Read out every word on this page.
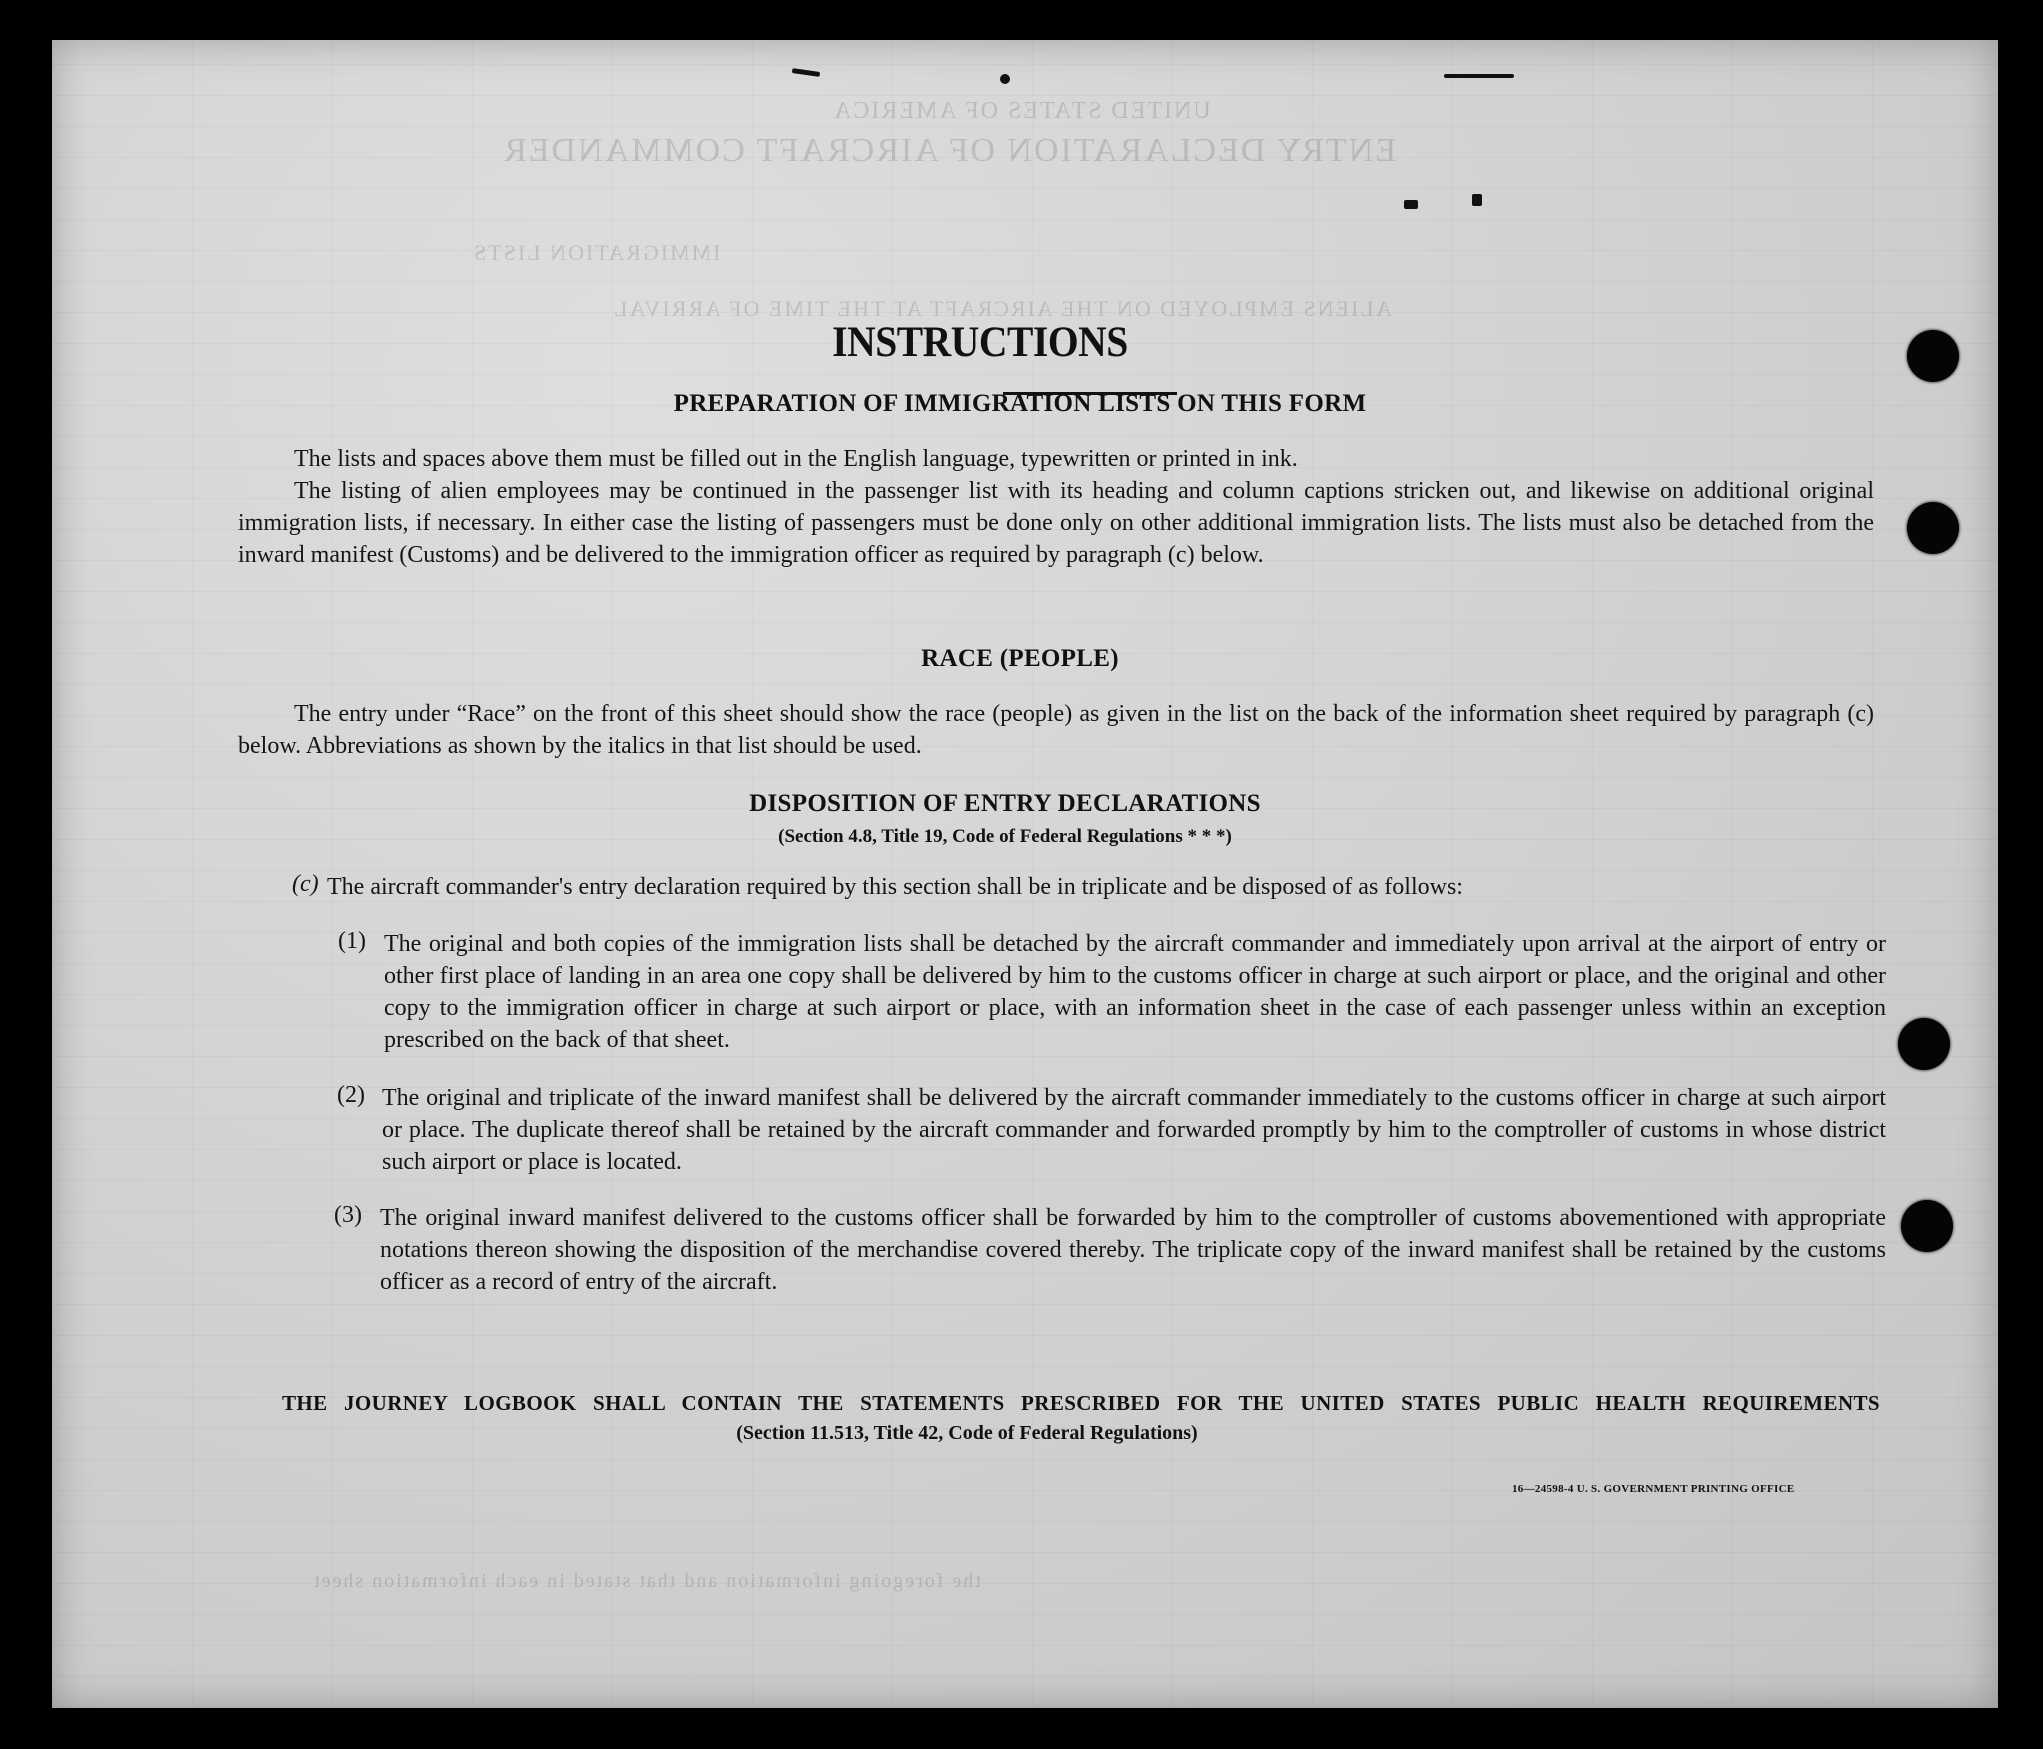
UNITED STATES OF AMERICA
ENTRY DECLARATION OF AIRCRAFT COMMANDER
IMMIGRATION LISTS
ALIENS EMPLOYED ON THE AIRCRAFT AT THE TIME OF ARRIVAL
the foregoing information and that stated in each information sheet
INSTRUCTIONS
PREPARATION OF IMMIGRATION LISTS ON THIS FORM
The lists and spaces above them must be filled out in the English language, typewritten or printed in ink.
The listing of alien employees may be continued in the passenger list with its heading and column captions stricken out, and likewise on additional original immigration lists, if necessary. In either case the listing of passengers must be done only on other additional immigration lists. The lists must also be detached from the inward manifest (Customs) and be delivered to the immigration officer as required by paragraph (c) below.
RACE (PEOPLE)
The entry under “Race” on the front of this sheet should show the race (people) as given in the list on the back of the information sheet required by paragraph (c) below. Abbreviations as shown by the italics in that list should be used.
DISPOSITION OF ENTRY DECLARATIONS
(Section 4.8, Title 19, Code of Federal Regulations * * *)
(c) The aircraft commander's entry declaration required by this section shall be in triplicate and be disposed of as follows:
(1) The original and both copies of the immigration lists shall be detached by the aircraft commander and immediately upon arrival at the airport of entry or other first place of landing in an area one copy shall be delivered by him to the customs officer in charge at such airport or place, and the original and other copy to the immigration officer in charge at such airport or place, with an information sheet in the case of each passenger unless within an exception prescribed on the back of that sheet.
(2) The original and triplicate of the inward manifest shall be delivered by the aircraft commander immediately to the customs officer in charge at such airport or place. The duplicate thereof shall be retained by the aircraft commander and forwarded promptly by him to the comptroller of customs in whose district such airport or place is located.
(3) The original inward manifest delivered to the customs officer shall be forwarded by him to the comptroller of customs abovementioned with appropriate notations thereon showing the disposition of the merchandise covered thereby. The triplicate copy of the inward manifest shall be retained by the customs officer as a record of entry of the aircraft.
THE JOURNEY LOGBOOK SHALL CONTAIN THE STATEMENTS PRESCRIBED FOR THE UNITED STATES PUBLIC HEALTH REQUIREMENTS
(Section 11.513, Title 42, Code of Federal Regulations)
16—24598-4 U. S. GOVERNMENT PRINTING OFFICE
